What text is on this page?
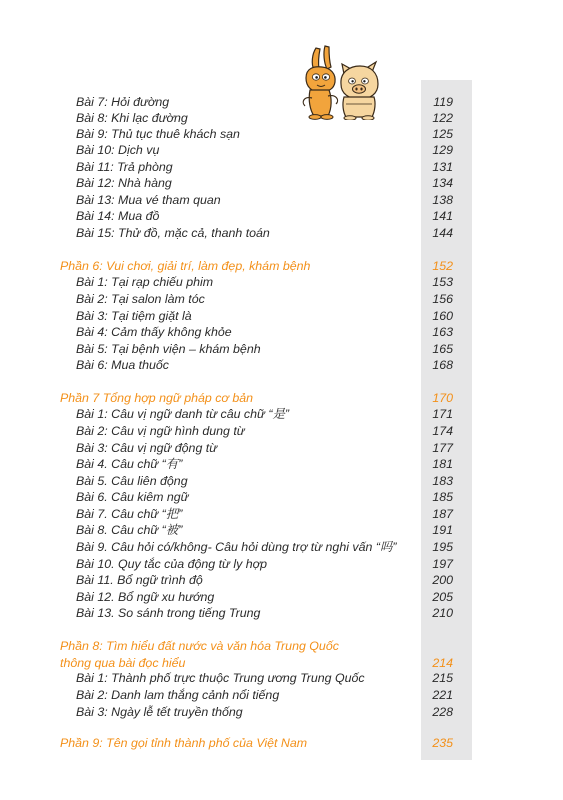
Bài 7: Hỏi đường	119
Bài 8: Khi lạc đường	122
Bài 9: Thủ tục thuê khách sạn	125
Bài 10: Dịch vụ	129
Bài 11: Trả phòng	131
Bài 12: Nhà hàng	134
Bài 13: Mua vé tham quan	138
Bài 14: Mua đồ	141
Bài 15: Thử đồ, mặc cả, thanh toán	144
Phần 6: Vui chơi, giải trí, làm đẹp, khám bệnh	152
Bài 1: Tại rạp chiếu phim	153
Bài 2: Tại salon làm tóc	156
Bài 3: Tại tiệm giặt là	160
Bài 4: Cảm thấy không khỏe	163
Bài 5: Tại bệnh viện – khám bệnh	165
Bài 6: Mua thuốc	168
Phần 7 Tổng hợp ngữ pháp cơ bản	170
Bài 1: Câu vị ngữ danh từ câu chữ “是”	171
Bài 2: Câu vị ngữ hình dung từ	174
Bài 3: Câu vị ngữ động từ	177
Bài 4. Câu chữ “有”	181
Bài 5. Câu liên động	183
Bài 6. Câu kiêm ngữ	185
Bài 7. Câu chữ “把”	187
Bài 8. Câu chữ “被”	191
Bài 9. Câu hỏi có/không- Câu hỏi dùng trợ từ nghi vấn “吗”	195
Bài 10. Quy tắc của động từ ly hợp	197
Bài 11. Bổ ngữ trình độ	200
Bài 12. Bổ ngữ xu hướng	205
Bài 13. So sánh trong tiếng Trung	210
Phần 8: Tìm hiểu đất nước và văn hóa Trung Quốc
thông qua bài đọc hiểu	214
Bài 1: Thành phố trực thuộc Trung ương Trung Quốc	215
Bài 2: Danh lam thắng cảnh nổi tiếng	221
Bài 3: Ngày lễ tết truyền thống	228
Phần 9: Tên gọi tỉnh thành phố của Việt Nam	235
